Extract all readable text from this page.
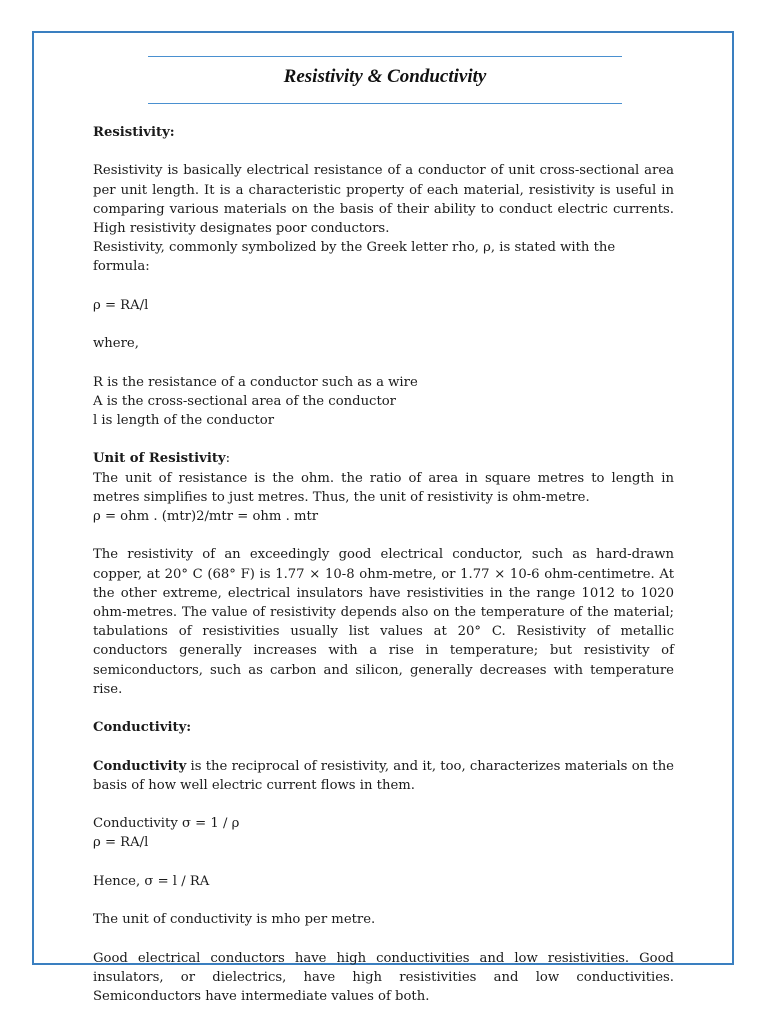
Resistivity & Conductivity

Resistivity:

Resistivity is basically electrical resistance of a conductor of unit cross-sectional area per unit length. It is a characteristic property of each material, resistivity is useful in comparing various materials on the basis of their ability to conduct electric currents. High resistivity designates poor conductors.

Resistivity, commonly symbolized by the Greek letter rho, ρ, is stated with the formula:

ρ = RA/l

where,

R is the resistance of a conductor such as a wire

A is the cross-sectional area of the conductor

l is length of the conductor

Unit of Resistivity:

The unit of resistance is the ohm. the ratio of area in square metres to length in metres simplifies to just metres. Thus, the unit of resistivity is ohm-metre.

ρ = ohm . (mtr)2/mtr = ohm . mtr

The resistivity of an exceedingly good electrical conductor, such as hard-drawn copper, at 20° C (68° F) is 1.77 × 10-8 ohm-metre, or 1.77 × 10-6 ohm-centimetre. At the other extreme, electrical insulators have resistivities in the range 1012 to 1020 ohm-metres. The value of resistivity depends also on the temperature of the material; tabulations of resistivities usually list values at 20° C. Resistivity of metallic conductors generally increases with a rise in temperature; but resistivity of semiconductors, such as carbon and silicon, generally decreases with temperature rise.

Conductivity:

Conductivity is the reciprocal of resistivity, and it, too, characterizes materials on the basis of how well electric current flows in them.

Conductivity σ = 1 / ρ

ρ = RA/l

Hence, σ = l / RA

The unit of conductivity is mho per metre.

Good electrical conductors have high conductivities and low resistivities. Good insulators, or dielectrics, have high resistivities and low conductivities. Semiconductors have intermediate values of both.
